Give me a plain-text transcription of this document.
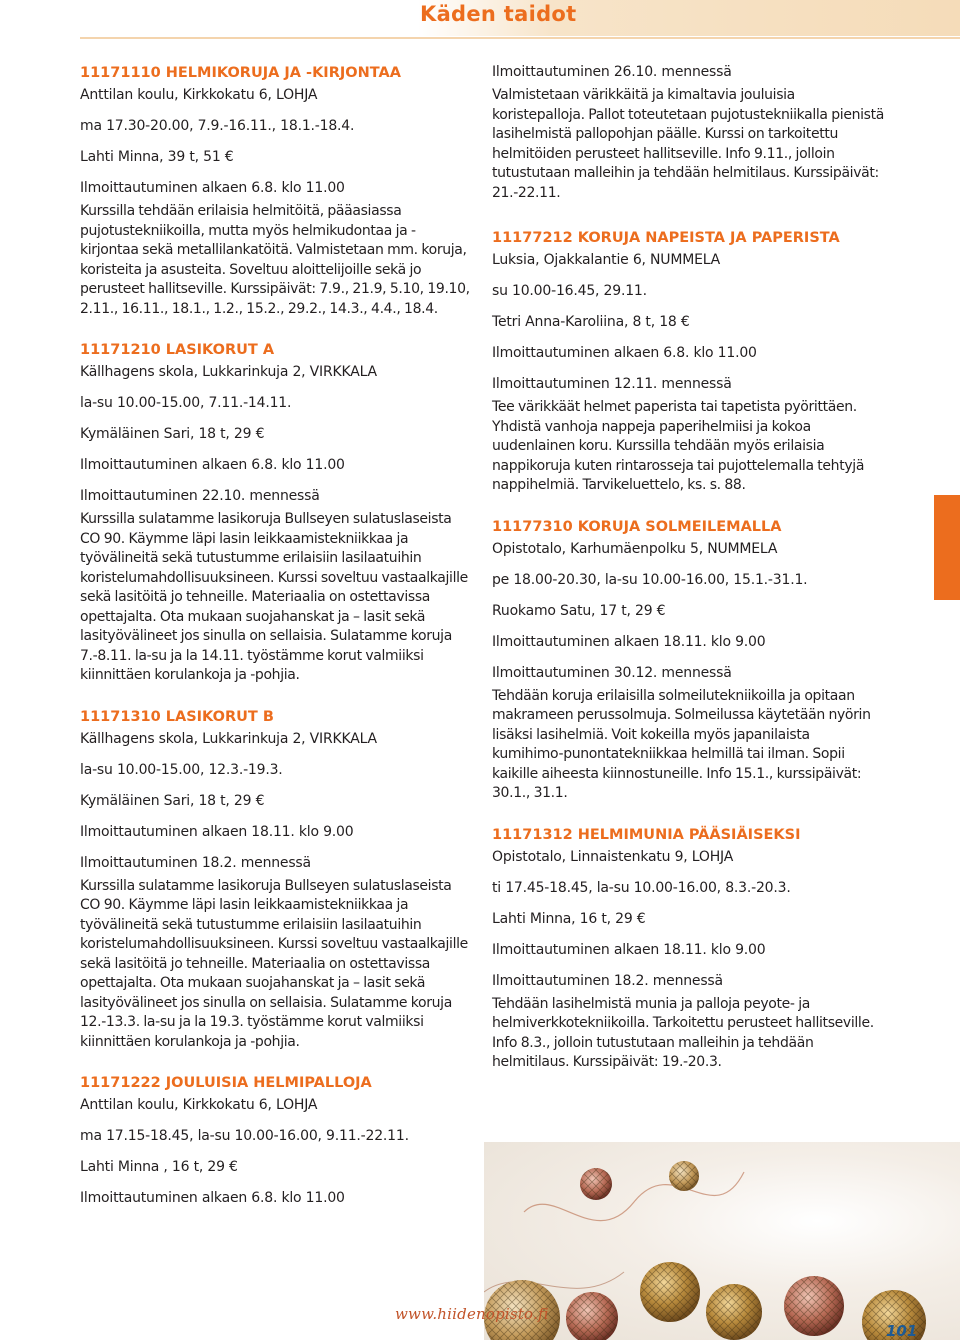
Käden taidot
11171110 HELMIKORUJA JA -KIRJONTAA
Anttilan koulu, Kirkkokatu 6, LOHJA
ma 17.30-20.00, 7.9.-16.11., 18.1.-18.4.
Lahti Minna, 39 t, 51 €
Ilmoittautuminen alkaen 6.8. klo 11.00
Kurssilla tehdään erilaisia helmitöitä, pääasiassa pujotustekniikoilla, mutta myös helmikudontaa ja -kirjontaa sekä metallilankatöitä. Valmistetaan mm. koruja, koristeita ja asusteita. Soveltuu aloittelijoille sekä jo perusteet hallitseville. Kurssipäivät: 7.9., 21.9, 5.10, 19.10, 2.11., 16.11., 18.1., 1.2., 15.2., 29.2., 14.3., 4.4., 18.4.
11171210 LASIKORUT A
Källhagens skola, Lukkarinkuja 2, VIRKKALA
la-su 10.00-15.00, 7.11.-14.11.
Kymäläinen Sari, 18 t, 29 €
Ilmoittautuminen alkaen 6.8. klo 11.00
Ilmoittautuminen 22.10. mennessä
Kurssilla sulatamme lasikoruja Bullseyen sulatuslaseista CO 90. Käymme läpi lasin leikkaamistekniikkaa ja työvälineitä sekä tutustumme erilaisiin lasilaatuihin koristelumahdollisuuksineen. Kurssi soveltuu vastaalkajille sekä lasitöitä jo tehneille. Materiaalia on ostettavissa opettajalta. Ota mukaan suojahanskat ja – lasit sekä lasityövälineet jos sinulla on sellaisia. Sulatamme koruja 7.-8.11. la-su ja la 14.11. työstämme korut valmiiksi kiinnittäen korulankoja ja -pohjia.
11171310 LASIKORUT B
Källhagens skola, Lukkarinkuja 2, VIRKKALA
la-su 10.00-15.00, 12.3.-19.3.
Kymäläinen Sari, 18 t, 29 €
Ilmoittautuminen alkaen 18.11. klo 9.00
Ilmoittautuminen 18.2. mennessä
Kurssilla sulatamme lasikoruja Bullseyen sulatuslaseista CO 90. Käymme läpi lasin leikkaamistekniikkaa ja työvälineitä sekä tutustumme erilaisiin lasilaatuihin koristelumahdollisuuksineen. Kurssi soveltuu vastaalkajille sekä lasitöitä jo tehneille. Materiaalia on ostettavissa opettajalta. Ota mukaan suojahanskat ja – lasit sekä lasityövälineet jos sinulla on sellaisia. Sulatamme koruja 12.-13.3. la-su ja la 19.3. työstämme korut valmiiksi kiinnittäen korulankoja ja -pohjia.
11171222 JOULUISIA HELMIPALLOJA
Anttilan koulu, Kirkkokatu 6, LOHJA
ma 17.15-18.45, la-su 10.00-16.00, 9.11.-22.11.
Lahti Minna , 16 t, 29 €
Ilmoittautuminen alkaen 6.8. klo 11.00
Ilmoittautuminen 26.10. mennessä
Valmistetaan värikkäitä ja kimaltavia jouluisia koristepalloja. Pallot toteutetaan pujotustekniikalla pienistä lasihelmistä pallopohjan päälle. Kurssi on tarkoitettu helmitöiden perusteet hallitseville. Info 9.11., jolloin tutustutaan malleihin ja tehdään helmitilaus. Kurssipäivät: 21.-22.11.
11177212 KORUJA NAPEISTA JA PAPERISTA
Luksia, Ojakkalantie 6, NUMMELA
su 10.00-16.45, 29.11.
Tetri Anna-Karoliina, 8 t, 18 €
Ilmoittautuminen alkaen 6.8. klo 11.00
Ilmoittautuminen 12.11. mennessä
Tee värikkäät helmet paperista tai tapetista pyörittäen. Yhdistä vanhoja nappeja paperihelmiisi ja kokoa uudenlainen koru. Kurssilla tehdään myös erilaisia nappikoruja kuten rintarosseja tai pujottelemalla tehtyjä nappihelmiä. Tarvikeluettelo, ks. s. 88.
11177310 KORUJA SOLMEILEMALLA
Opistotalo, Karhumäenpolku 5, NUMMELA
pe 18.00-20.30, la-su 10.00-16.00, 15.1.-31.1.
Ruokamo Satu, 17 t, 29 €
Ilmoittautuminen alkaen 18.11. klo 9.00
Ilmoittautuminen 30.12. mennessä
Tehdään koruja erilaisilla solmeilutekniikoilla ja opitaan makrameen perussolmuja. Solmeilussa käytetään nyörin lisäksi lasihelmiä. Voit kokeilla myös japanilaista kumihimo-punontatekniikkaa helmillä tai ilman. Sopii kaikille aiheesta kiinnostuneille. Info 15.1., kurssipäivät: 30.1., 31.1.
11171312 HELMIMUNIA PÄÄSIÄISEKSI
Opistotalo, Linnaistenkatu 9, LOHJA
ti 17.45-18.45, la-su 10.00-16.00, 8.3.-20.3.
Lahti Minna, 16 t, 29 €
Ilmoittautuminen alkaen 18.11. klo 9.00
Ilmoittautuminen 18.2. mennessä
Tehdään lasihelmistä munia ja palloja peyote- ja helmiverkkotekniikoilla. Tarkoitettu perusteet hallitseville. Info 8.3., jolloin tutustutaan malleihin ja tehdään helmitilaus. Kurssipäivät: 19.-20.3.
www.hiidenopisto.fi
101
